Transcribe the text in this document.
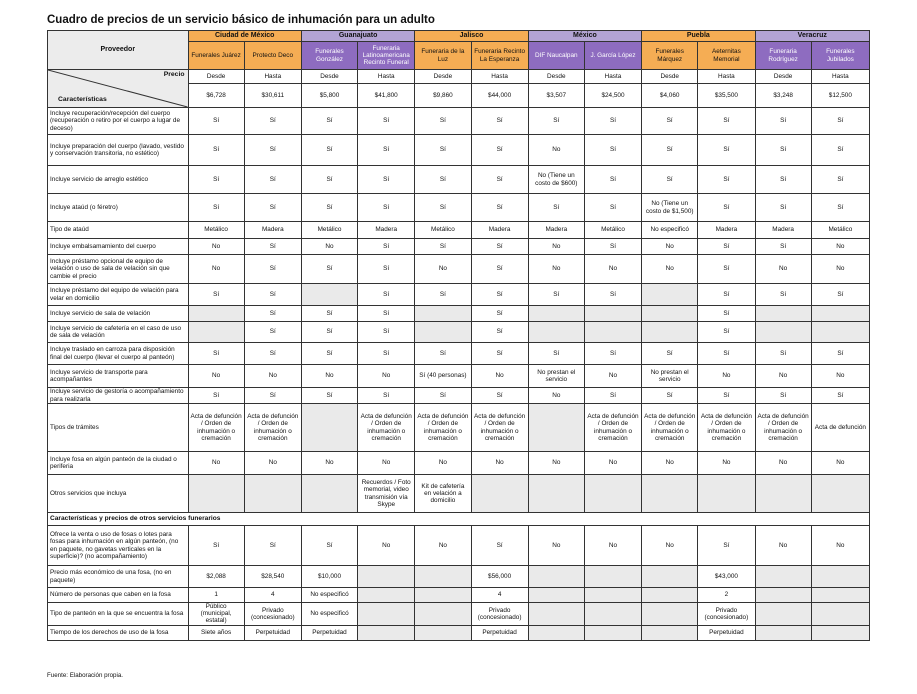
Cuadro de precios de un servicio básico de inhumación para un adulto
Proveedor	Ciudad de México		Guanajuato		Jalisco		México		Puebla		Veracruz	
	Funerales Juárez	Protecto Deco	Funerales González	Funeraria Latinoamericana Recinto Funeral	Funeraria de la Luz	Funeraria Recinto La Esperanza	DIF Naucalpan	J. García López	Funerales Márquez	Aeternitas Memorial	Funeraria Rodríguez	Funerales Jubilados

Precio
Características	Desde	Hasta	Desde	Hasta	Desde	Hasta	Desde	Hasta	Desde	Hasta	Desde	Hasta
	$6,728	$30,611	$5,800	$41,800	$9,860	$44,000	$3,507	$24,500	$4,060	$35,500	$3,248	$12,500
Incluye recuperación/recepción del cuerpo (recuperación o retiro por el cuerpo a lugar de deceso)	Sí	Sí	Sí	Sí	Sí	Sí	Sí	Sí	Sí	Sí	Sí	Sí
Incluye preparación del cuerpo (lavado, vestido y conservación transitoria, no estético)	Sí	Sí	Sí	Sí	Sí	Sí	No	Sí	Sí	Sí	Sí	Sí
Incluye servicio de arreglo estético	Sí	Sí	Sí	Sí	Sí	Sí	No (Tiene un costo de $600)	Sí	Sí	Sí	Sí	Sí
Incluye ataúd (o féretro)	Sí	Sí	Sí	Sí	Sí	Sí	Sí	Sí	No (Tiene un costo de $1,500)	Sí	Sí	Sí
Tipo de ataúd	Metálico	Madera	Metálico	Madera	Metálico	Madera	Madera	Metálico	No especificó	Madera	Madera	Metálico
Incluye embalsamamiento del cuerpo	No	Sí	No	Sí	Sí	Sí	No	Sí	No	Sí	Sí	No
Incluye préstamo opcional de equipo de velación o uso de sala de velación sin que cambie el precio	No	Sí	Sí	Sí	No	Sí	No	No	No	Sí	No	No
Incluye préstamo del equipo de velación para velar en domicilio	Sí	Sí		Sí	Sí	Sí	Sí	Sí		Sí	Sí	Sí
Incluye servicio de sala de velación		Sí	Sí	Sí		Sí				Sí		
Incluye servicio de cafetería en el caso de uso de sala de velación		Sí	Sí	Sí		Sí				Sí		
Incluye traslado en carroza para disposición final del cuerpo (llevar el cuerpo al panteón)	Sí	Sí	Sí	Sí	Sí	Sí	Sí	Sí	Sí	Sí	Sí	Sí
Incluye servicio de transporte para acompañantes	No	No	No	No	Sí (40 personas)	No	No prestan el servicio	No	No prestan el servicio	No	No	No
Incluye servicio de gestoría o acompañamiento para realizarla	Sí	Sí	Sí	Sí	Sí	Sí	No	Sí	Sí	Sí	Sí	Sí
Tipos de trámites	Acta de defunción / Orden de inhumación o cremación	Acta de defunción / Orden de inhumación o cremación		Acta de defunción / Orden de inhumación o cremación	Acta de defunción / Orden de inhumación o cremación	Acta de defunción / Orden de inhumación o cremación		Acta de defunción / Orden de inhumación o cremación	Acta de defunción / Orden de inhumación o cremación	Acta de defunción / Orden de inhumación o cremación	Acta de defunción / Orden de inhumación o cremación	Acta de defunción
Incluye fosa en algún panteón de la ciudad o periferia	No	No	No	No	No	No	No	No	No	No	No	No
Otros servicios que incluya				Recuerdos / Foto memorial, video transmisión vía Skype	Kit de cafetería en velación a domicilio							
Características y precios de otros servicios funerarios												
Ofrece la venta o uso de fosas o lotes para fosas para inhumación en algún panteón, (no en paquete, no gavetas verticales en la superficie)? (no acompañamiento)	Sí	Sí	Sí	No	No	Sí	No	No	No	Sí	No	No
Precio más económico de una fosa, (no en paquete)	$2,088	$28,540	$10,000			$56,000				$43,000		
Número de personas que caben en la fosa	1	4	No especificó			4				2		
Tipo de panteón en la que se encuentra la fosa	Público (municipal, estatal)	Privado (concesionado)	No especificó			Privado (concesionado)				Privado (concesionado)		
Tiempo de los derechos de uso de la fosa	Siete años	Perpetuidad	Perpetuidad			Perpetuidad				Perpetuidad		
Fuente: Elaboración propia.
